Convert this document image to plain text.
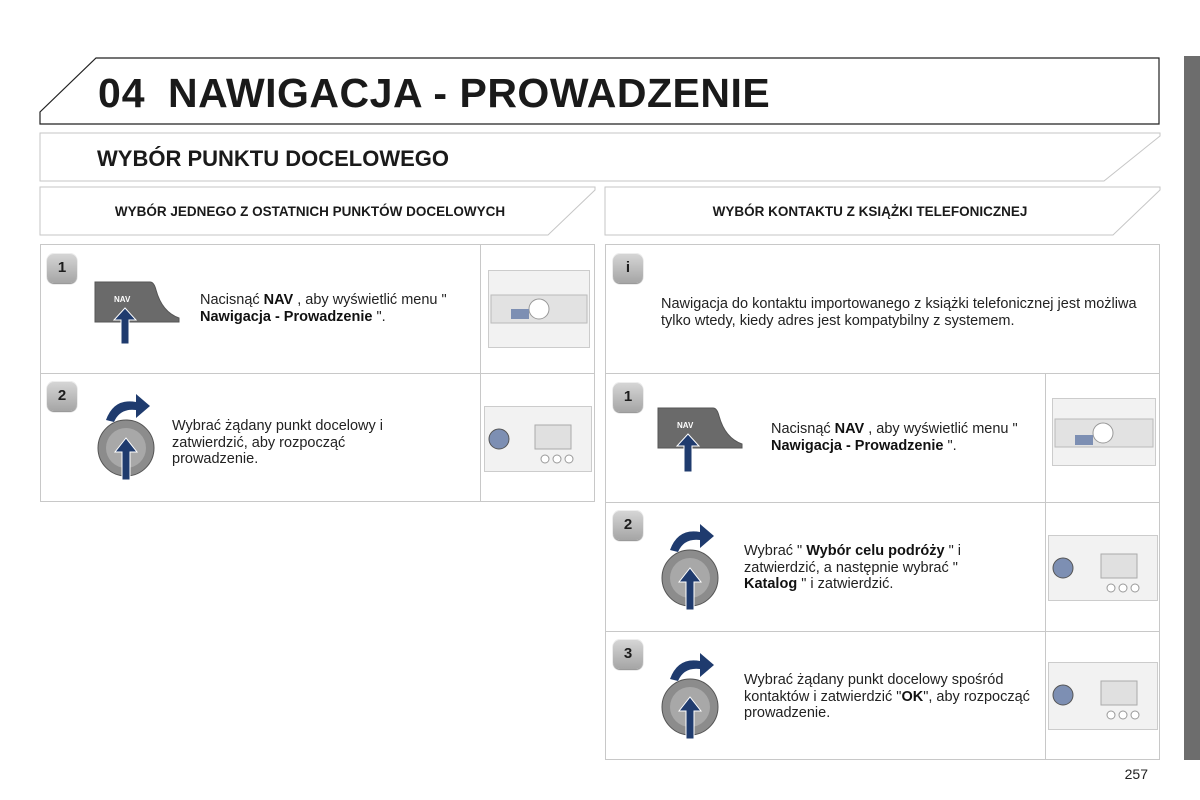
04 NAWIGACJA - PROWADZENIE
WYBÓR PUNKTU DOCELOWEGO
WYBÓR JEDNEGO Z OSTATNICH PUNKTÓW DOCELOWYCH	WYBÓR KONTAKTU Z KSIĄŻKI TELEFONICZNEJ
1
NAV	Nacisnąć NAV , aby wyświetlić menu " Nawigacja - Prowadzenie ".
2
Wybrać żądany punkt docelowy i zatwierdzić, aby rozpocząć prowadzenie.
i
Nawigacja do kontaktu importowanego z książki telefonicznej jest możliwa tylko wtedy, kiedy adres jest kompatybilny z systemem.
1
NAV	Nacisnąć NAV , aby wyświetlić menu " Nawigacja - Prowadzenie ".
2
Wybrać " Wybór celu podróży " i zatwierdzić, a następnie wybrać " Katalog " i zatwierdzić.
3
Wybrać żądany punkt docelowy spośród kontaktów i zatwierdzić "OK", aby rozpocząć prowadzenie.
257
